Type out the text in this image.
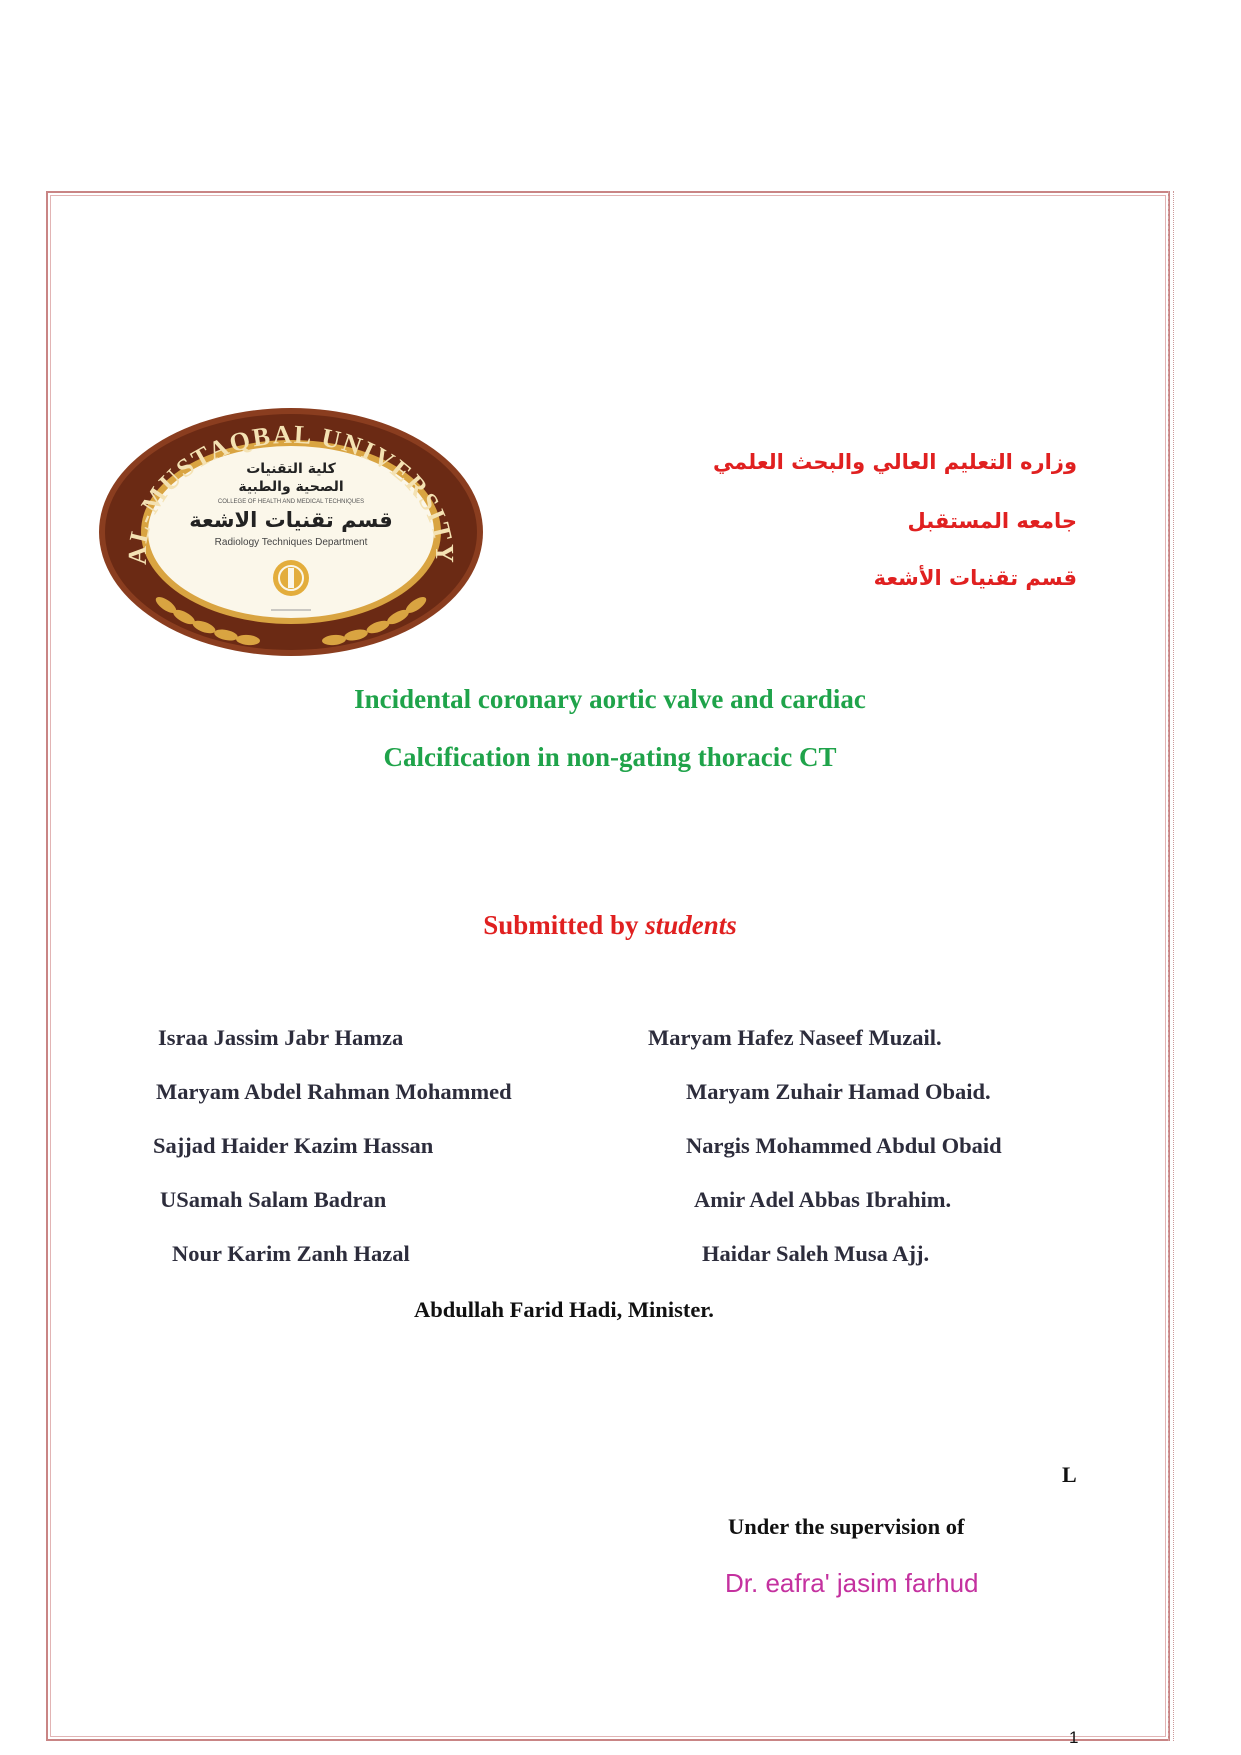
AL-MUSTAQBAL UNIVERSITY
كلية التقنيات
الصحية والطبية
COLLEGE OF HEALTH AND MEDICAL TECHNIQUES
قسم تقنيات الاشعة
Radiology Techniques Department
وزاره التعليم العالي والبحث العلمي
جامعه المستقبل
قسم تقنيات الأشعة
Incidental coronary aortic valve and cardiac
Calcification in non-gating thoracic CT
Submitted by students
Israa Jassim Jabr Hamza
Maryam Abdel Rahman Mohammed
Sajjad Haider Kazim Hassan
USamah Salam Badran
Nour Karim Zanh Hazal
Maryam Hafez Naseef Muzail.
Maryam Zuhair Hamad Obaid.
Nargis Mohammed Abdul Obaid
Amir Adel Abbas Ibrahim.
Haidar Saleh Musa Ajj.
Abdullah Farid Hadi, Minister.
L
Under the supervision of
Dr. eafra' jasim farhud
1
